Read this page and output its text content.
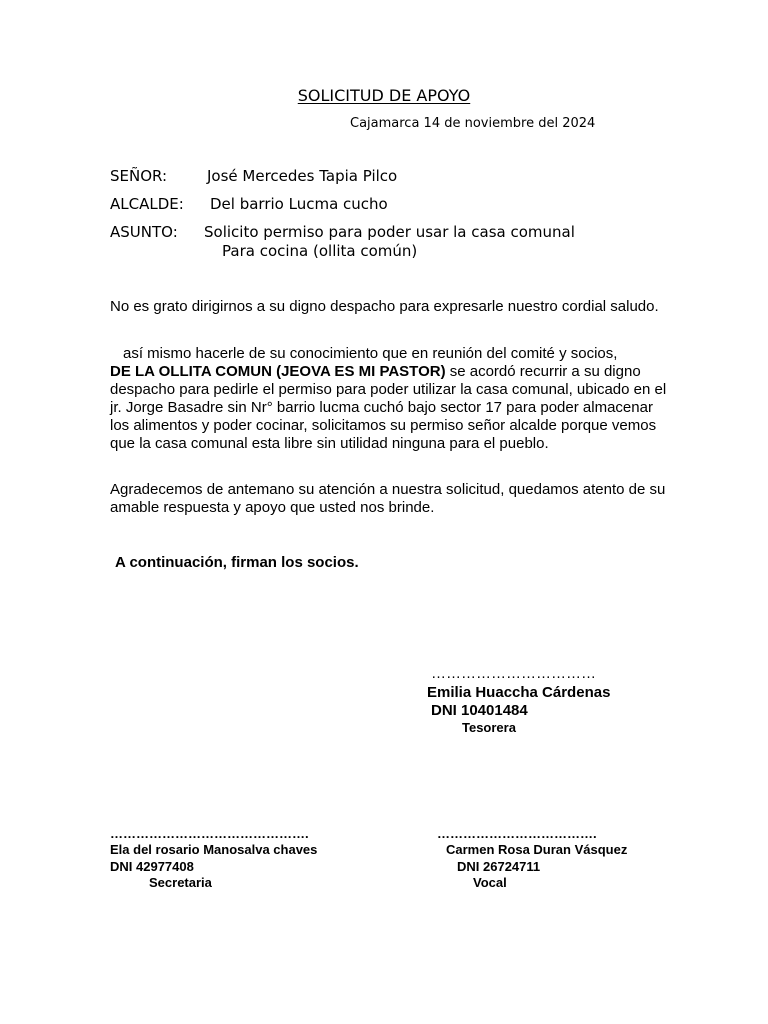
SOLICITUD DE APOYO
Cajamarca 14 de noviembre del 2024
SEÑOR:	José Mercedes Tapia Pilco
ALCALDE: Del barrio Lucma cucho
ASUNTO: Solicito permiso para poder usar la casa comunal
Para cocina (ollita común)
No es grato dirigirnos a su digno despacho para expresarle nuestro cordial saludo.
así mismo hacerle de su conocimiento que en reunión del comité y socios,
DE LA OLLITA COMUN (JEOVA ES MI PASTOR) se acordó recurrir a su digno despacho para pedirle el permiso para poder utilizar la casa comunal, ubicado en el jr. Jorge Basadre sin Nr° barrio lucma cuchó bajo sector 17 para poder almacenar los alimentos y poder cocinar, solicitamos su permiso señor alcalde porque vemos que la casa comunal esta libre sin utilidad ninguna para el pueblo.
Agradecemos de antemano su atención a nuestra solicitud, quedamos atento de su amable respuesta y apoyo que usted nos brinde.
A continuación, firman los socios.
……………………………
Emilia Huaccha Cárdenas
DNI 10401484
Tesorera
……………………………………….
Ela del rosario Manosalva chaves
DNI 42977408
Secretaria
……………………………….
Carmen Rosa Duran Vásquez
DNI 26724711
Vocal
